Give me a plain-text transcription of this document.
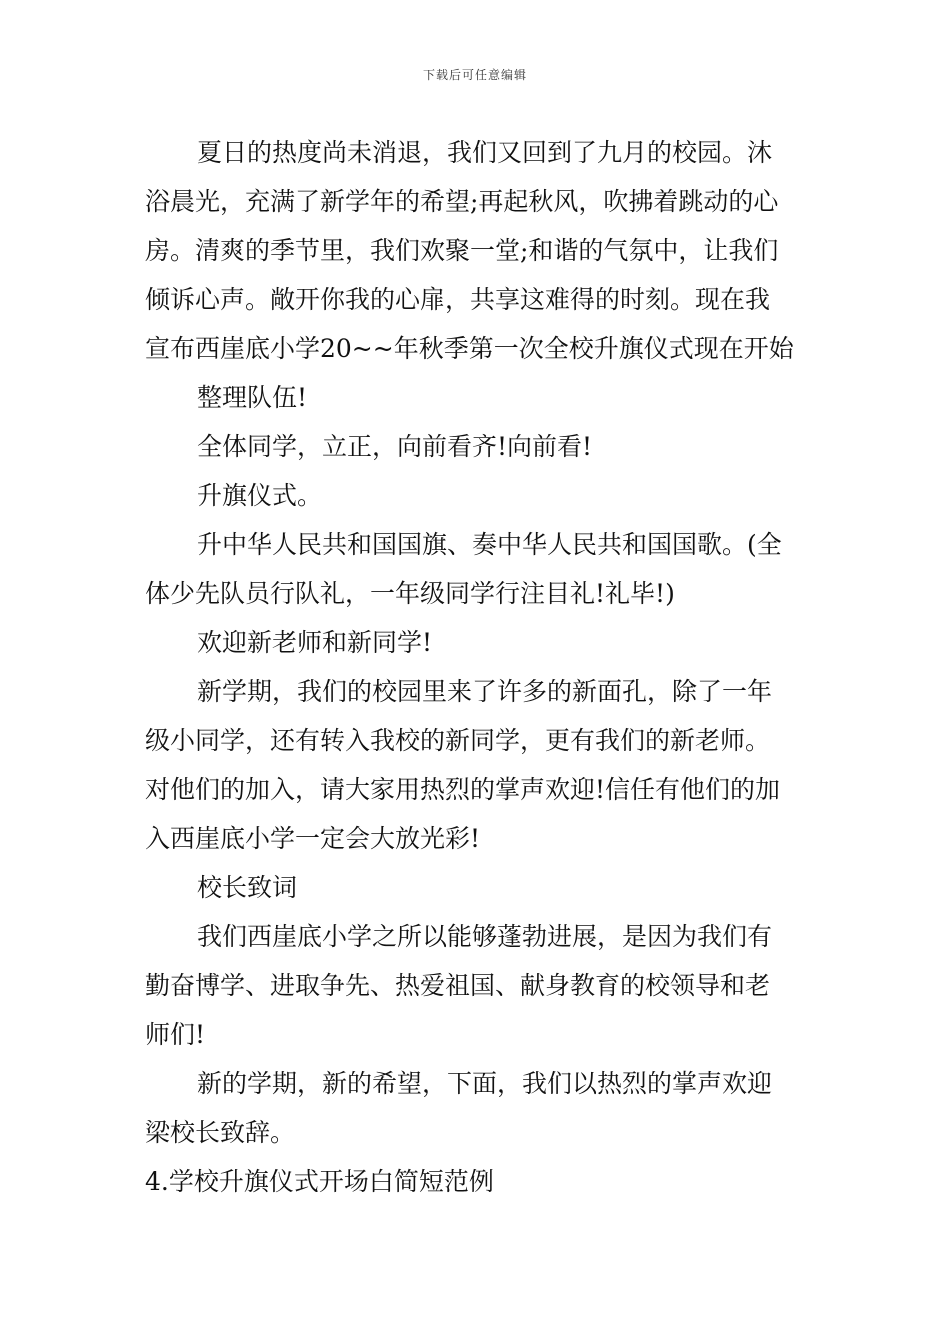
下载后可任意编辑
夏日的热度尚未消退，我们又回到了九月的校园。沐
浴晨光，充满了新学年的希望;再起秋风，吹拂着跳动的心
房。清爽的季节里，我们欢聚一堂;和谐的气氛中，让我们
倾诉心声。敞开你我的心扉，共享这难得的时刻。现在我
宣布西崖底小学20~~年秋季第一次全校升旗仪式现在开始
整理队伍!
全体同学，立正，向前看齐!向前看!
升旗仪式。
升中华人民共和国国旗、奏中华人民共和国国歌。(全
体少先队员行队礼，一年级同学行注目礼!礼毕!)
欢迎新老师和新同学!
新学期，我们的校园里来了许多的新面孔，除了一年
级小同学，还有转入我校的新同学，更有我们的新老师。
对他们的加入，请大家用热烈的掌声欢迎!信任有他们的加
入西崖底小学一定会大放光彩!
校长致词
我们西崖底小学之所以能够蓬勃进展，是因为我们有
勤奋博学、进取争先、热爱祖国、献身教育的校领导和老
师们!
新的学期，新的希望，下面，我们以热烈的掌声欢迎
梁校长致辞。
4.学校升旗仪式开场白简短范例
